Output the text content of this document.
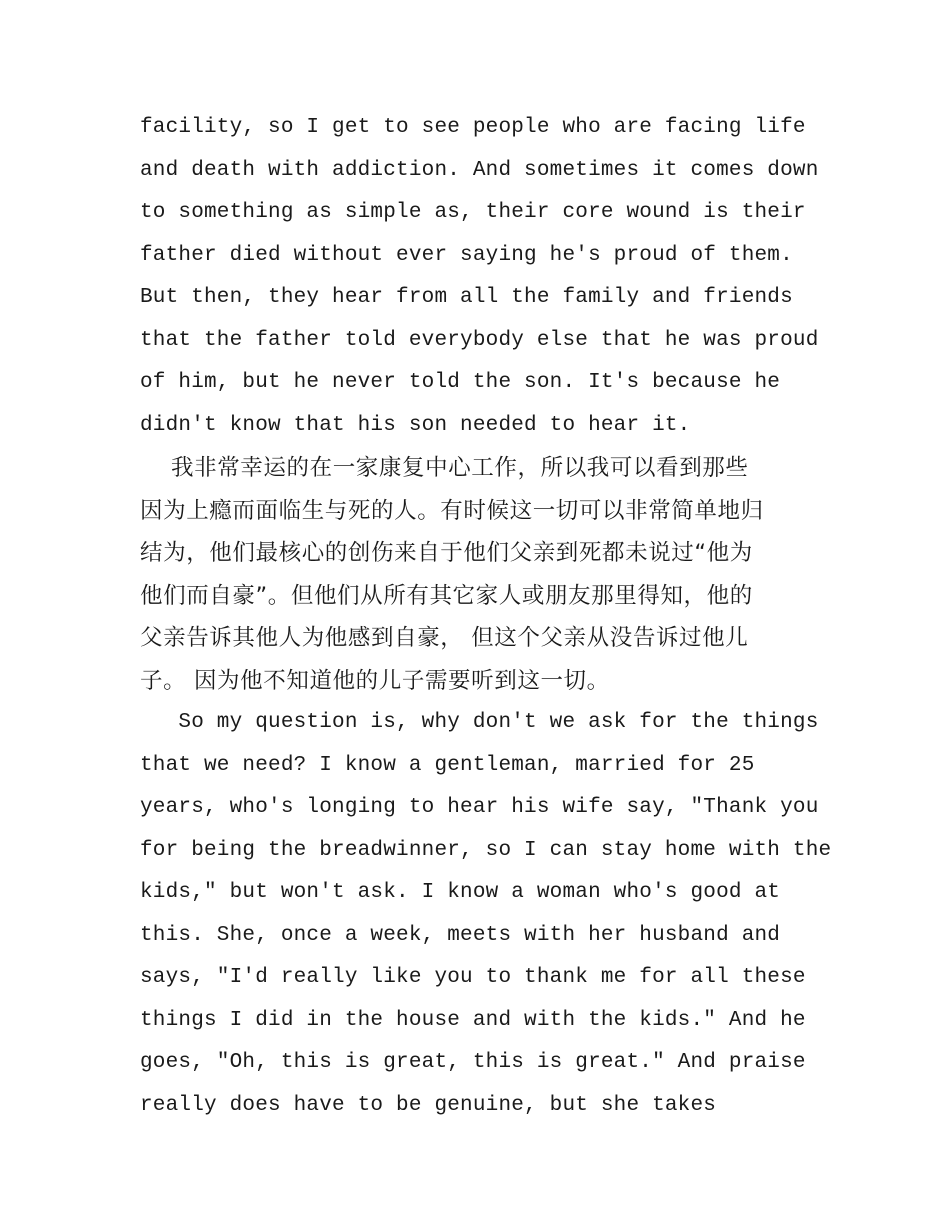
facility, so I get to see people who are facing life
and death with addiction. And sometimes it comes down
to something as simple as, their core wound is their
father died without ever saying he's proud of them.
But then, they hear from all the family and friends
that the father told everybody else that he was proud
of him, but he never told the son. It's because he
didn't know that his son needed to hear it.
我非常幸运的在一家康复中心工作，所以我可以看到那些
因为上瘾而面临生与死的人。有时候这一切可以非常简单地归
结为，他们最核心的创伤来自于他们父亲到死都未说过“他为
他们而自豪”。但他们从所有其它家人或朋友那里得知，他的
父亲告诉其他人为他感到自豪， 但这个父亲从没告诉过他儿
子。 因为他不知道他的儿子需要听到这一切。
So my question is, why don't we ask for the things
that we need? I know a gentleman, married for 25
years, who's longing to hear his wife say, "Thank you
for being the breadwinner, so I can stay home with the
kids," but won't ask. I know a woman who's good at
this. She, once a week, meets with her husband and
says, "I'd really like you to thank me for all these
things I did in the house and with the kids." And he
goes, "Oh, this is great, this is great." And praise
really does have to be genuine, but she takes
